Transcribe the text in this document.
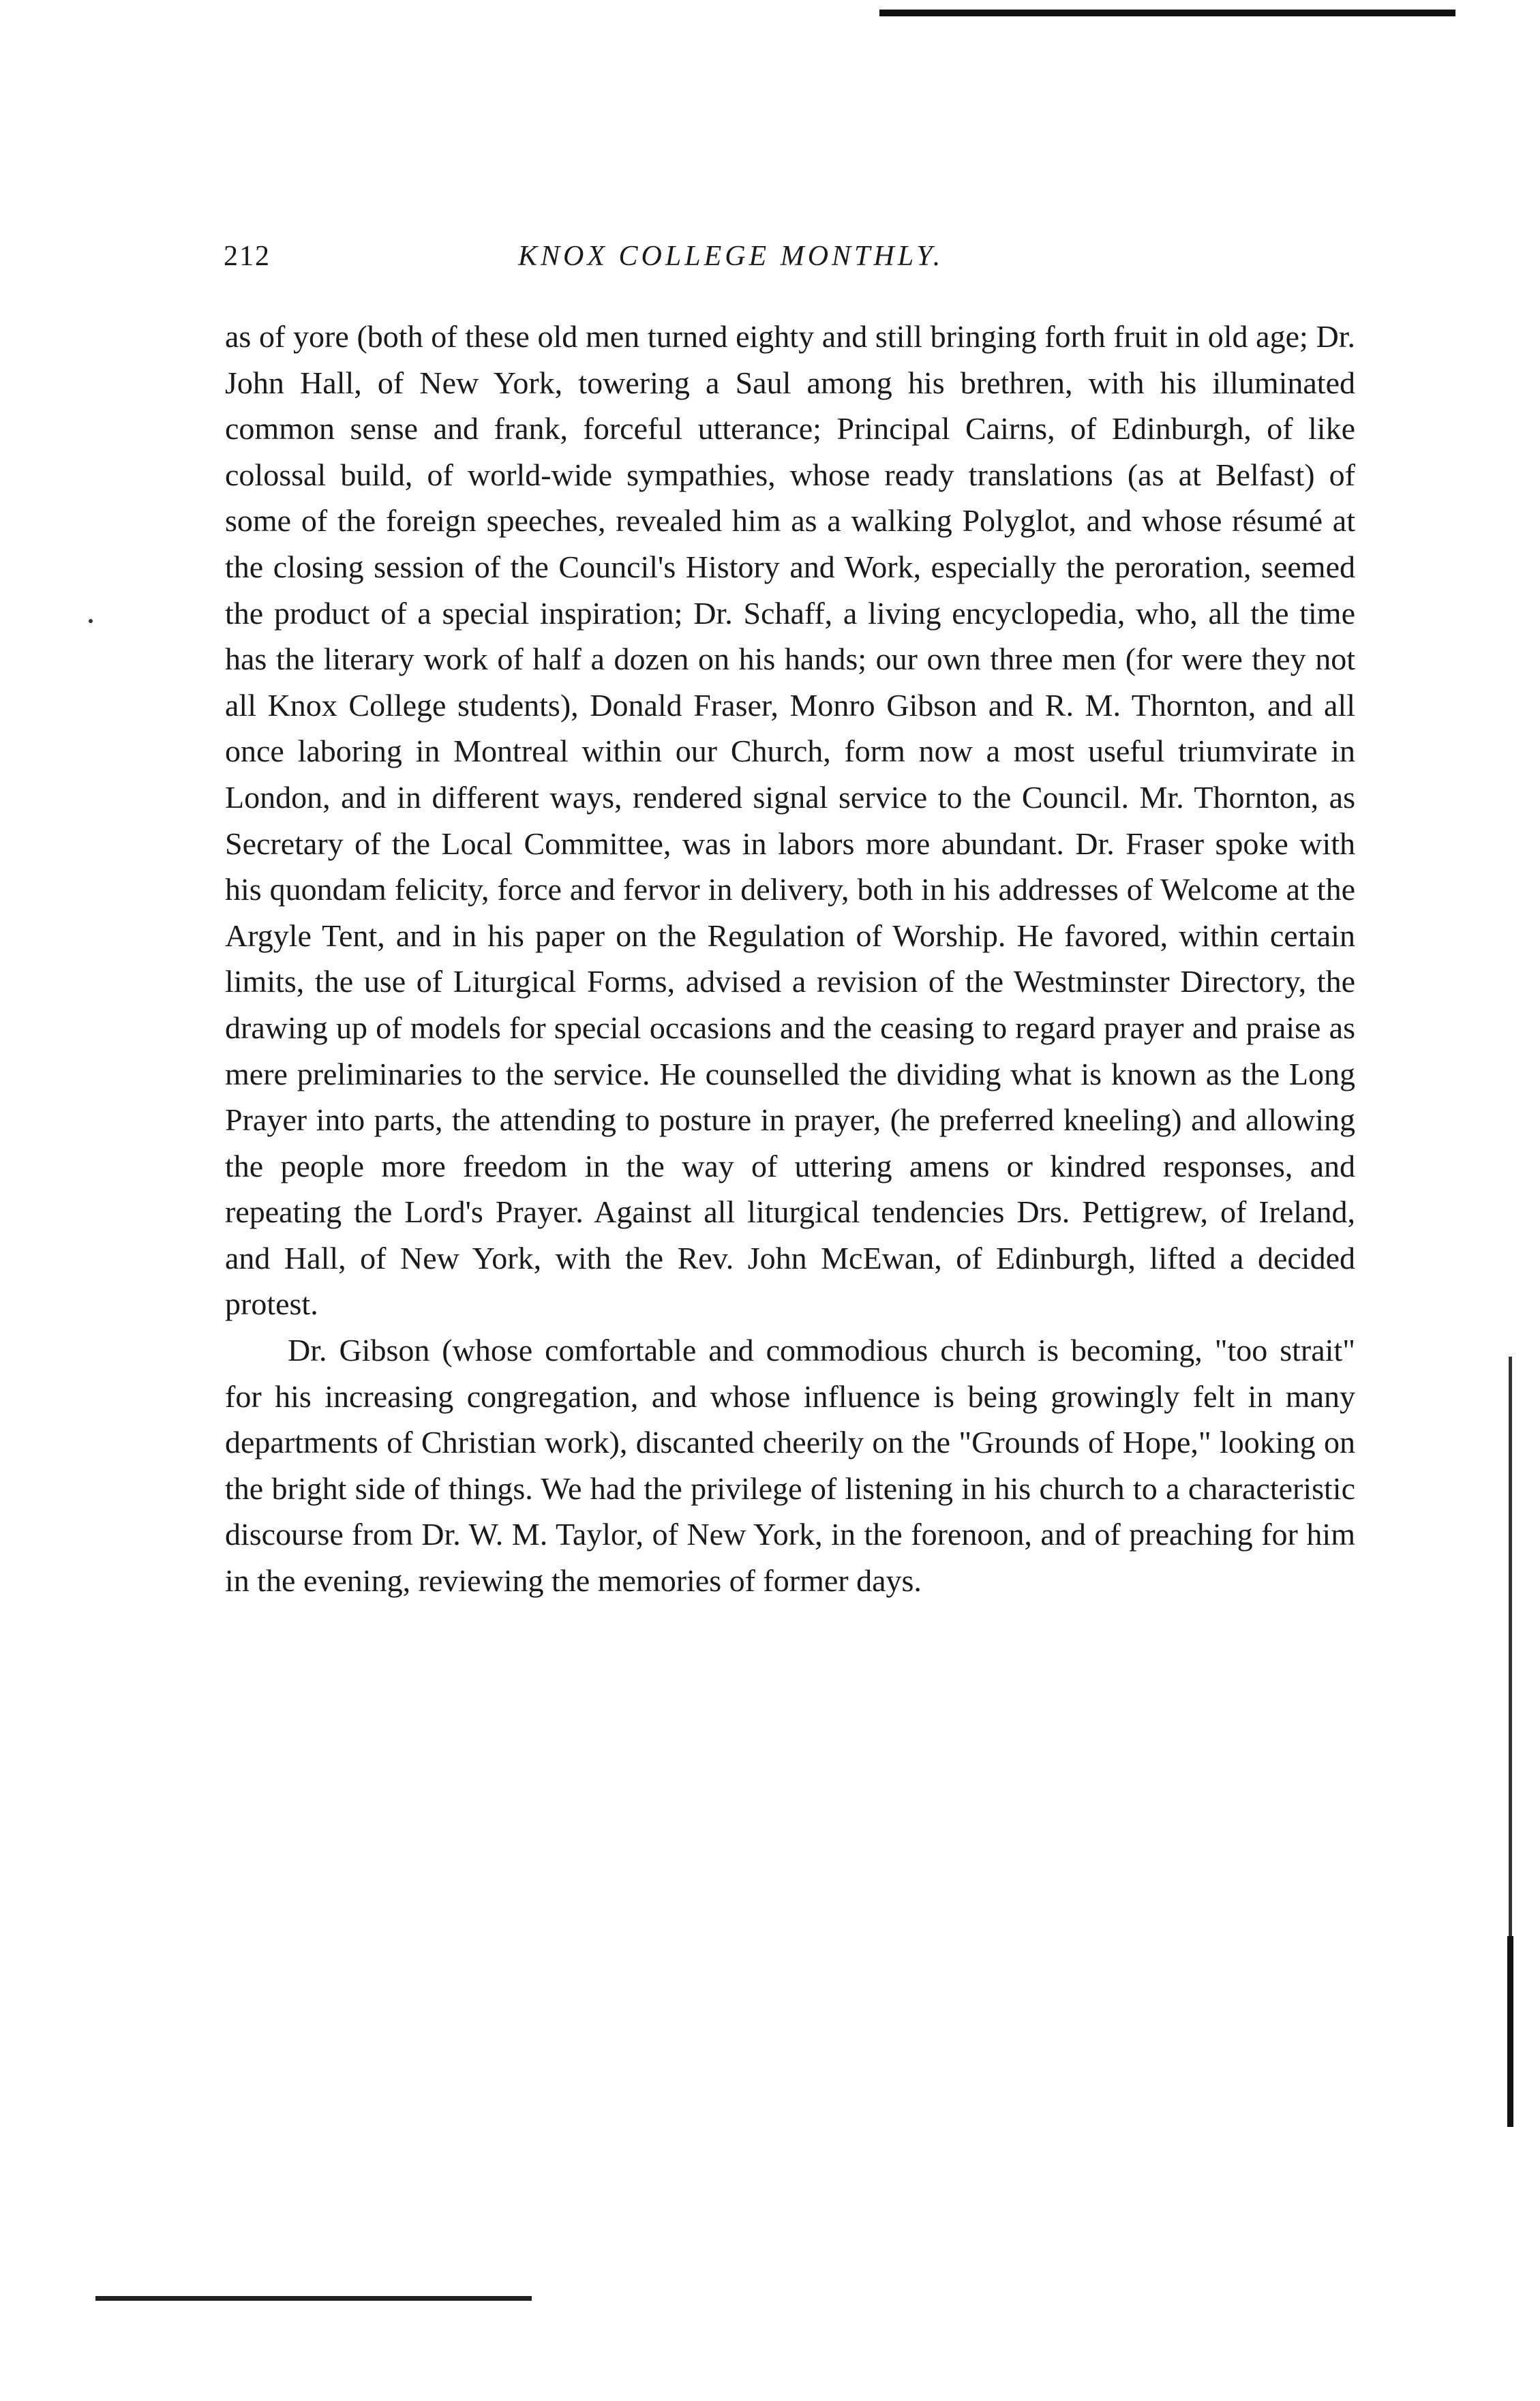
212	KNOX COLLEGE MONTHLY.

as of yore (both of these old men turned eighty and still bringing forth fruit in old age; Dr. John Hall, of New York, towering a Saul among his brethren, with his illuminated common sense and frank, forceful utterance; Principal Cairns, of Edinburgh, of like colossal build, of world-wide sympathies, whose ready translations (as at Belfast) of some of the foreign speeches, revealed him as a walking Polyglot, and whose résumé at the closing session of the Council's History and Work, especially the peroration, seemed the product of a special inspiration; Dr. Schaff, a living encyclopedia, who, all the time has the literary work of half a dozen on his hands; our own three men (for were they not all Knox College students), Donald Fraser, Monro Gibson and R. M. Thornton, and all once laboring in Montreal within our Church, form now a most useful triumvirate in London, and in different ways, rendered signal service to the Council. Mr. Thornton, as Secretary of the Local Committee, was in labors more abundant. Dr. Fraser spoke with his quondam felicity, force and fervor in delivery, both in his addresses of Welcome at the Argyle Tent, and in his paper on the Regulation of Worship. He favored, within certain limits, the use of Liturgical Forms, advised a revision of the Westminster Directory, the drawing up of models for special occasions and the ceasing to regard prayer and praise as mere preliminaries to the service. He counselled the dividing what is known as the Long Prayer into parts, the attending to posture in prayer, (he preferred kneeling) and allowing the people more freedom in the way of uttering amens or kindred responses, and repeating the Lord's Prayer. Against all liturgical tendencies Drs. Pettigrew, of Ireland, and Hall, of New York, with the Rev. John McEwan, of Edinburgh, lifted a decided protest.

Dr. Gibson (whose comfortable and commodious church is becoming, "too strait" for his increasing congregation, and whose influence is being growingly felt in many departments of Christian work), discanted cheerily on the "Grounds of Hope," looking on the bright side of things. We had the privilege of listening in his church to a characteristic discourse from Dr. W. M. Taylor, of New York, in the forenoon, and of preaching for him in the evening, reviewing the memories of former days.
